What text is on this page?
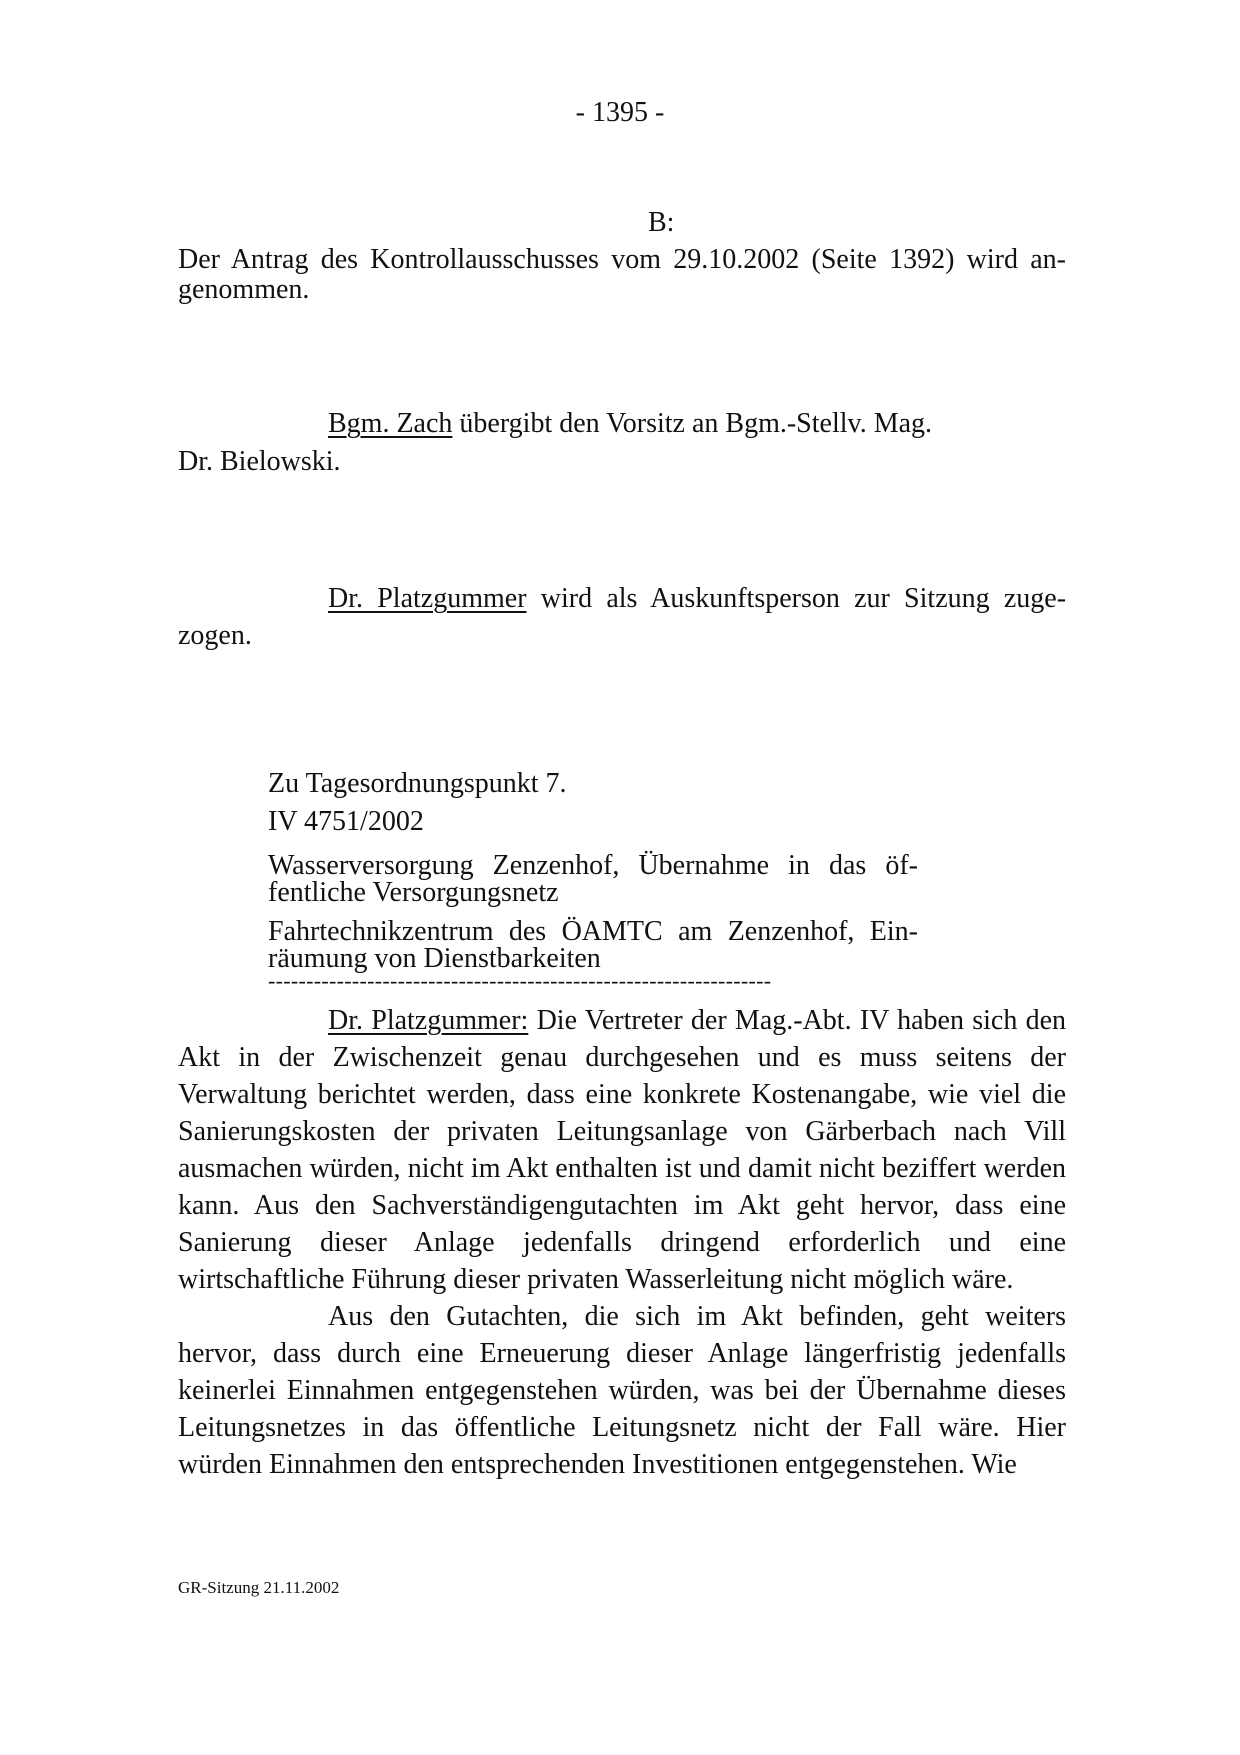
- 1395 -
B:
Der Antrag des Kontrollausschusses vom 29.10.2002 (Seite 1392) wird an-
genommen.
Bgm. Zach übergibt den Vorsitz an Bgm.-Stellv. Mag.
Dr. Bielowski.
Dr. Platzgummer wird als Auskunftsperson zur Sitzung zuge-
zogen.
Zu Tagesordnungspunkt 7.
IV 4751/2002
Wasserversorgung Zenzenhof, Übernahme in das öf-
fentliche Versorgungsnetz
Fahrtechnikzentrum des ÖAMTC am Zenzenhof, Ein-
räumung von Dienstbarkeiten
------------------------------------------------------------------

Dr. Platzgummer: Die Vertreter der Mag.-Abt. IV haben sich den Akt in der Zwischenzeit genau durchgesehen und es muss seitens der Verwaltung berichtet werden, dass eine konkrete Kostenangabe, wie viel die Sanierungskosten der privaten Leitungsanlage von Gärberbach nach Vill ausmachen würden, nicht im Akt enthalten ist und damit nicht beziffert werden kann. Aus den Sachverständigengutachten im Akt geht hervor, dass eine Sanierung dieser Anlage jedenfalls dringend erforderlich und eine wirtschaftliche Führung dieser privaten Wasserleitung nicht möglich wäre.

Aus den Gutachten, die sich im Akt befinden, geht weiters hervor, dass durch eine Erneuerung dieser Anlage längerfristig jedenfalls keinerlei Einnahmen entgegenstehen würden, was bei der Übernahme dieses Leitungsnetzes in das öffentliche Leitungsnetz nicht der Fall wäre. Hier würden Einnahmen den entsprechenden Investitionen entgegenstehen. Wie

GR-Sitzung 21.11.2002
